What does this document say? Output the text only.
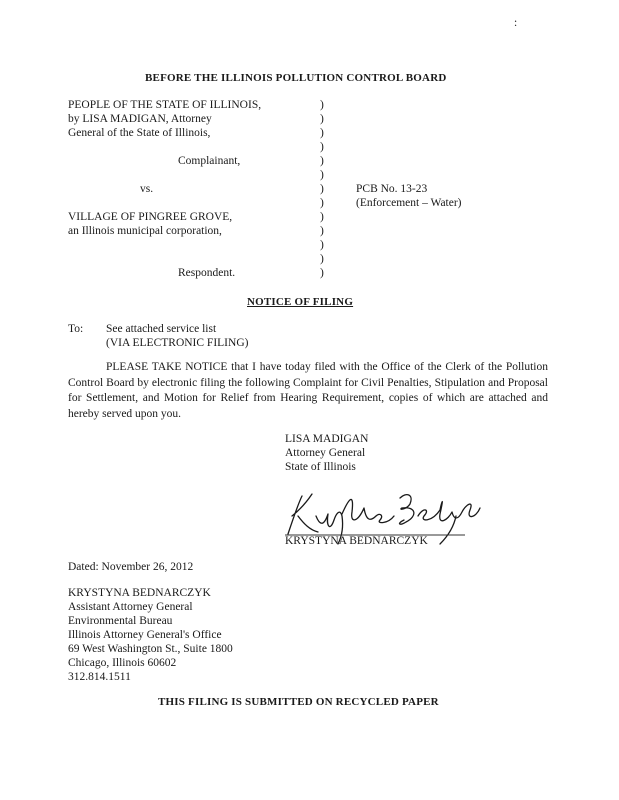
:
BEFORE THE ILLINOIS POLLUTION CONTROL BOARD
PEOPLE OF THE STATE OF ILLINOIS,
by LISA MADIGAN, Attorney
General of the State of Illinois,
Complainant,
vs.
VILLAGE OF PINGREE GROVE,
an Illinois municipal corporation,
Respondent.
)
)
)
)
)
)
)
)
)
)
)
)
)
PCB No. 13-23
(Enforcement – Water)
NOTICE OF FILING
To: See attached service list
(VIA ELECTRONIC FILING)
PLEASE TAKE NOTICE that I have today filed with the Office of the Clerk of the Pollution Control Board by electronic filing the following Complaint for Civil Penalties, Stipulation and Proposal for Settlement, and Motion for Relief from Hearing Requirement, copies of which are attached and hereby served upon you.
LISA MADIGAN
Attorney General
State of Illinois
KRYSTYNA BEDNARCZYK
Dated: November 26, 2012
KRYSTYNA BEDNARCZYK
Assistant Attorney General
Environmental Bureau
Illinois Attorney General's Office
69 West Washington St., Suite 1800
Chicago, Illinois 60602
312.814.1511
THIS FILING IS SUBMITTED ON RECYCLED PAPER
